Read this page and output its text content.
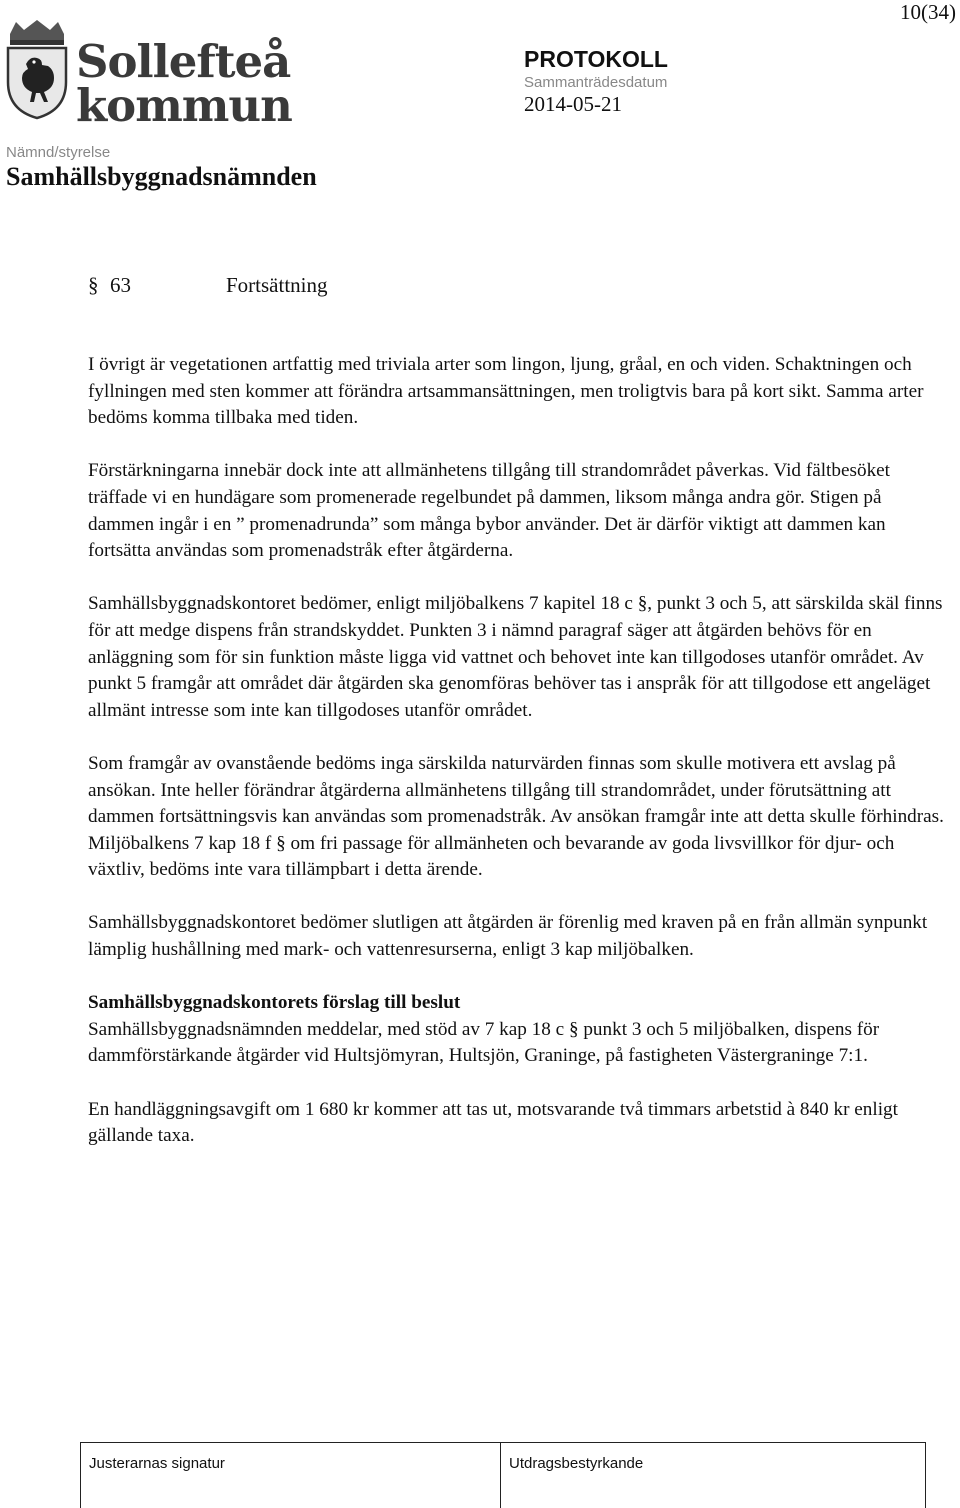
10(34)
Sollefteå
kommun
PROTOKOLL
Sammanträdesdatum
2014-05-21
Nämnd/styrelse
Samhällsbyggnadsnämnden
§ 63	Fortsättning

I övrigt är vegetationen artfattig med triviala arter som lingon, ljung, gråal, en och viden. Schaktningen och fyllningen med sten kommer att förändra artsammansättningen, men troligtvis bara på kort sikt. Samma arter bedöms komma tillbaka med tiden.

Förstärkningarna innebär dock inte att allmänhetens tillgång till strandområdet påverkas. Vid fältbesöket träffade vi en hundägare som promenerade regelbundet på dammen, liksom många andra gör. Stigen på dammen ingår i en ” promenadrunda” som många bybor använder. Det är därför viktigt att dammen kan fortsätta användas som promenadstråk efter åtgärderna.

Samhällsbyggnadskontoret bedömer, enligt miljöbalkens 7 kapitel 18 c §, punkt 3 och 5, att särskilda skäl finns för att medge dispens från strandskyddet. Punkten 3 i nämnd paragraf säger att åtgärden behövs för en anläggning som för sin funktion måste ligga vid vattnet och behovet inte kan tillgodoses utanför området. Av punkt 5 framgår att området där åtgärden ska genomföras behöver tas i anspråk för att tillgodose ett angeläget allmänt intresse som inte kan tillgodoses utanför området.

Som framgår av ovanstående bedöms inga särskilda naturvärden finnas som skulle motivera ett avslag på ansökan. Inte heller förändrar åtgärderna allmänhetens tillgång till strandområdet, under förutsättning att dammen fortsättningsvis kan användas som promenadstråk. Av ansökan framgår inte att detta skulle förhindras. Miljöbalkens 7 kap 18 f § om fri passage för allmänheten och bevarande av goda livsvillkor för djur- och växtliv, bedöms inte vara tillämpbart i detta ärende.

Samhällsbyggnadskontoret bedömer slutligen att åtgärden är förenlig med kraven på en från allmän synpunkt lämplig hushållning med mark- och vattenresurserna, enligt 3 kap miljöbalken.

Samhällsbyggnadskontorets förslag till beslut

Samhällsbyggnadsnämnden meddelar, med stöd av 7 kap 18 c § punkt 3 och 5 miljöbalken, dispens för dammförstärkande åtgärder vid Hultsjömyran, Hultsjön, Graninge, på fastigheten Västergraninge 7:1.

En handläggningsavgift om 1 680 kr kommer att tas ut, motsvarande två timmars arbetstid à 840 kr enligt gällande taxa.

Justerarnas signatur	Utdragsbestyrkande
